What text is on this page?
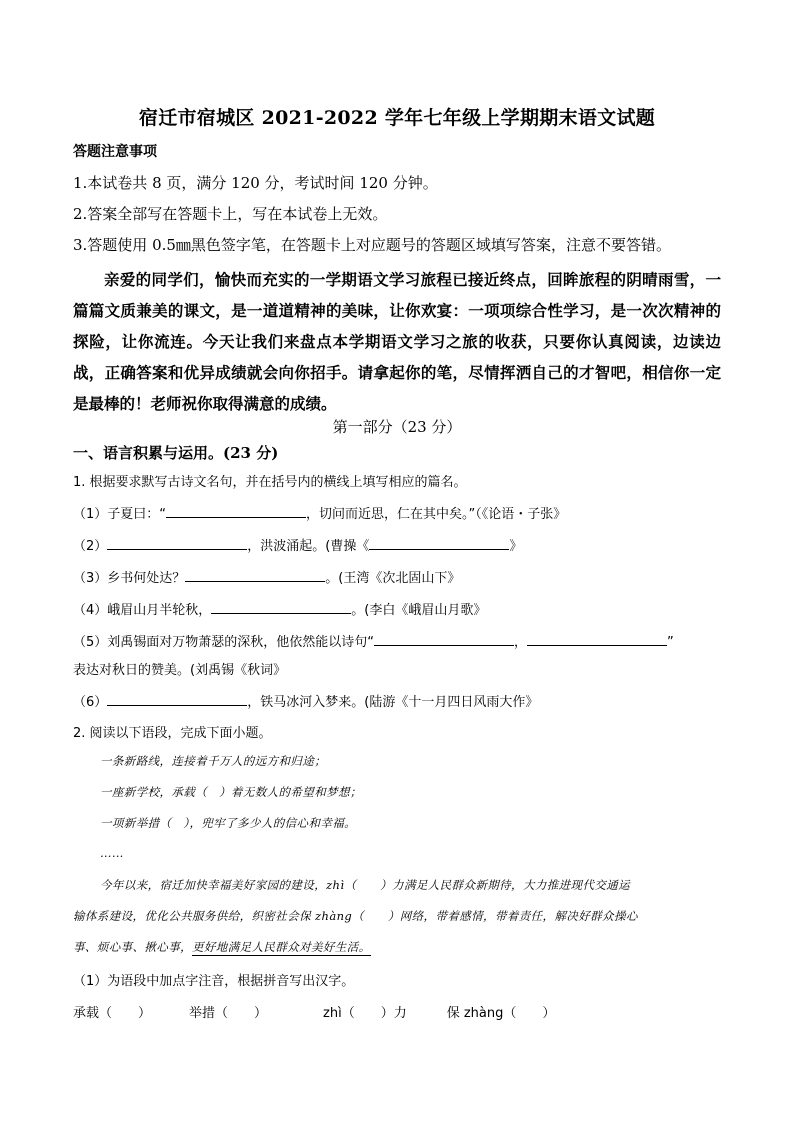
宿迁市宿城区 2021-2022 学年七年级上学期期末语文试题
答题注意事项
1.本试卷共 8 页，满分 120 分，考试时间 120 分钟。
2.答案全部写在答题卡上，写在本试卷上无效。
3.答题使用 0.5㎜黑色签字笔，在答题卡上对应题号的答题区域填写答案，注意不要答错。
亲爱的同学们，愉快而充实的一学期语文学习旅程已接近终点，回眸旅程的阴晴雨雪，一篇篇文质兼美的课文，是一道道精神的美味，让你欢宴：一项项综合性学习，是一次次精神的探险，让你流连。今天让我们来盘点本学期语文学习之旅的收获，只要你认真阅读，边读边战，正确答案和优异成绩就会向你招手。请拿起你的笔，尽情挥洒自己的才智吧，相信你一定是最棒的！老师祝你取得满意的成绩。
第一部分（23 分）
一、语言积累与运用。(23 分)
1. 根据要求默写古诗文名句，并在括号内的横线上填写相应的篇名。
（1）子夏曰：“	，切问而近思，仁在其中矣。”（《论语・子张》
（2）	，洪波涌起。(曹操《	》
（3）乡书何处达？	。(王湾《次北固山下》
（4）峨眉山月半轮秋，	。(李白《峨眉山月歌》
（5）刘禹锡面对万物萧瑟的深秋，他依然能以诗句“	，	”
表达对秋日的赞美。(刘禹锡《秋词》
（6）	，铁马冰河入梦来。(陆游《十一月四日风雨大作》
2. 阅读以下语段，完成下面小题。
一条新路线，连接着千万人的远方和归途；
一座新学校，承载（　）着无数人的希望和梦想；
一项新举措（　），兜牢了多少人的信心和幸福。
……
今年以来，宿迁加快幸福美好家园的建设，zhì（　　）力满足人民群众新期待，大力推进现代交通运
输体系建设，优化公共服务供给，织密社会保 zhàng（　　）网络，带着感情，带着责任，解决好群众操心
事、烦心事、揪心事，更好地满足人民群众对美好生活。
（1）为语段中加点字注音，根据拼音写出汉字。
承载（　　）	举措（　　）	zhì（　　）力	保 zhàng（　　）
